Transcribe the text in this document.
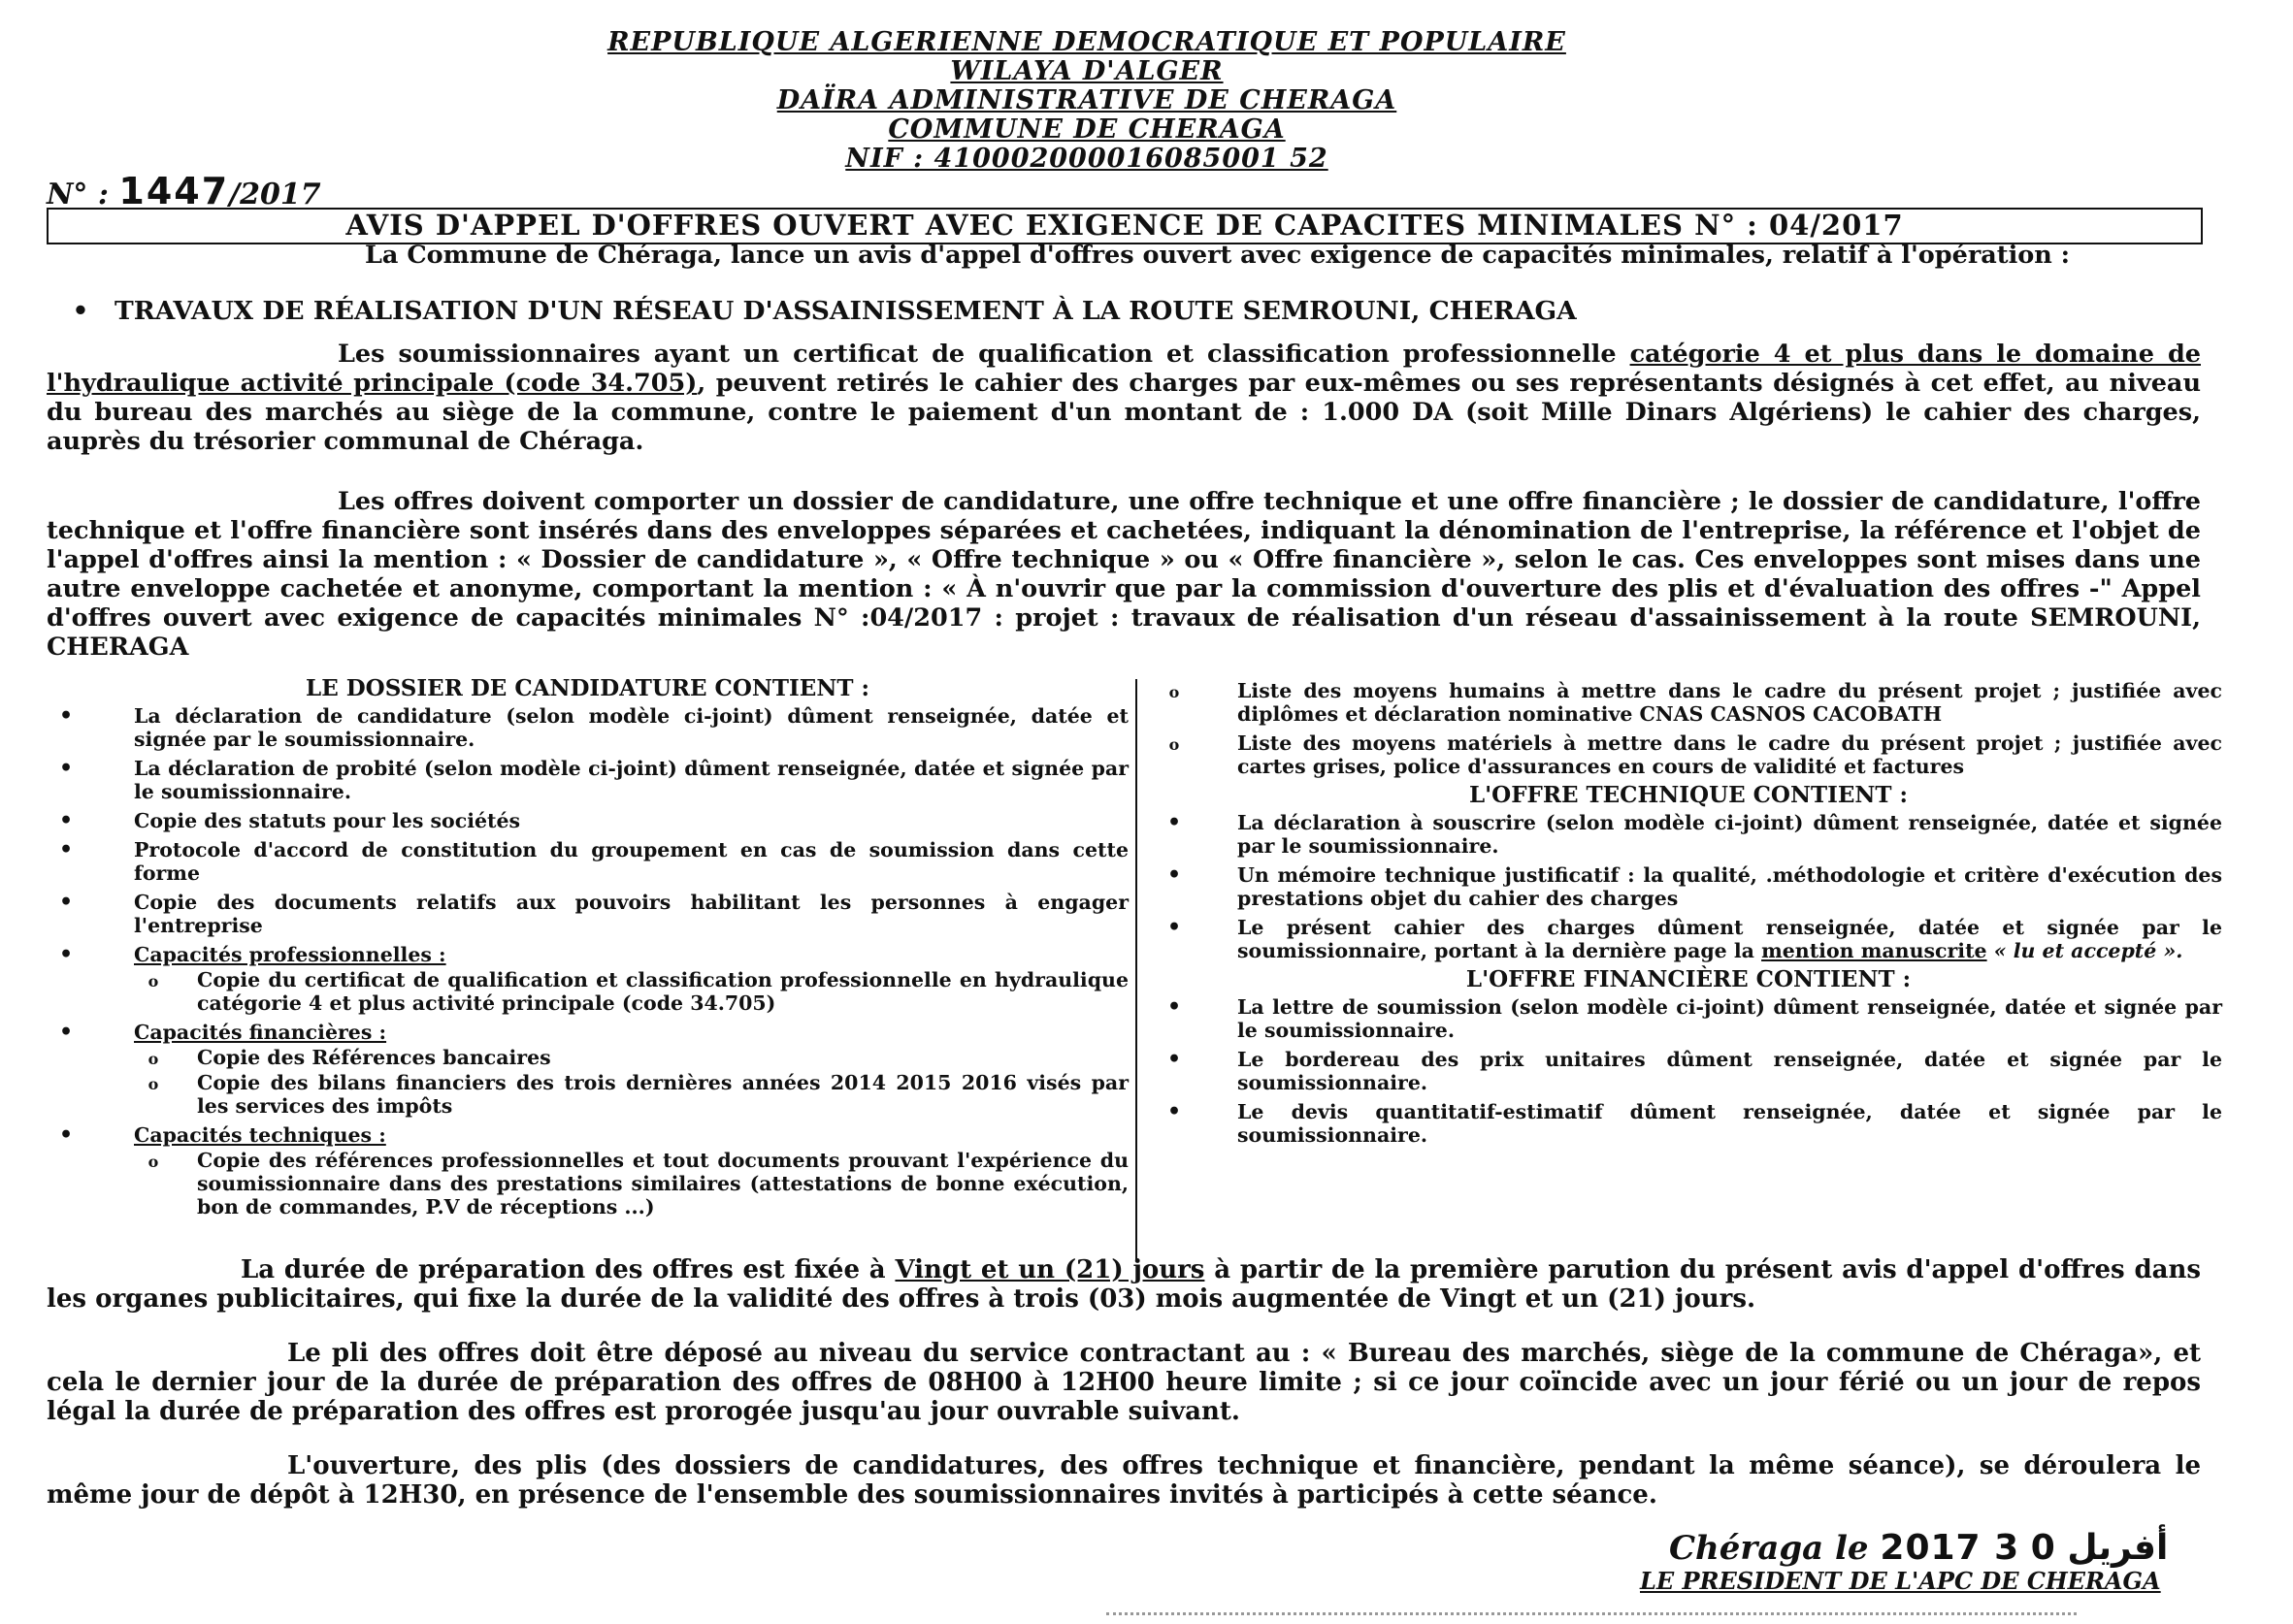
REPUBLIQUE ALGERIENNE DEMOCRATIQUE ET POPULAIRE
WILAYA D'ALGER
DAÏRA ADMINISTRATIVE DE CHERAGA
COMMUNE DE CHERAGA
NIF : 410002000016085001 52
N° : 1447/2017
AVIS D'APPEL D'OFFRES OUVERT AVEC EXIGENCE DE CAPACITES MINIMALES N° : 04/2017
La Commune de Chéraga, lance un avis d'appel d'offres ouvert avec exigence de capacités minimales, relatif à l'opération :
• TRAVAUX DE RÉALISATION D'UN RÉSEAU D'ASSAINISSEMENT À LA ROUTE SEMROUNI, CHERAGA
Les soumissionnaires ayant un certificat de qualification et classification professionnelle catégorie 4 et plus dans le domaine de l'hydraulique activité principale (code 34.705), peuvent retirés le cahier des charges par eux-mêmes ou ses représentants désignés à cet effet, au niveau du bureau des marchés au siège de la commune, contre le paiement d'un montant de : 1.000 DA (soit Mille Dinars Algériens) le cahier des charges, auprès du trésorier communal de Chéraga.
Les offres doivent comporter un dossier de candidature, une offre technique et une offre financière ; le dossier de candidature, l'offre technique et l'offre financière sont insérés dans des enveloppes séparées et cachetées, indiquant la dénomination de l'entreprise, la référence et l'objet de l'appel d'offres ainsi la mention : « Dossier de candidature », « Offre technique » ou « Offre financière », selon le cas. Ces enveloppes sont mises dans une autre enveloppe cachetée et anonyme, comportant la mention : « À n'ouvrir que par la commission d'ouverture des plis et d'évaluation des offres -" Appel d'offres ouvert avec exigence de capacités minimales N° :04/2017 : projet : travaux de réalisation d'un réseau d'assainissement à la route SEMROUNI, CHERAGA
LE DOSSIER DE CANDIDATURE CONTIENT :
•	La déclaration de candidature (selon modèle ci-joint) dûment renseignée, datée et signée par le soumissionnaire.
•	La déclaration de probité (selon modèle ci-joint) dûment renseignée, datée et signée par le soumissionnaire.
•	Copie des statuts pour les sociétés
•	Protocole d'accord de constitution du groupement en cas de soumission dans cette forme
•	Copie des documents relatifs aux pouvoirs habilitant les personnes à engager l'entreprise
•	Capacités professionnelles :
o	Copie du certificat de qualification et classification professionnelle en hydraulique catégorie 4 et plus activité principale (code 34.705)
•	Capacités financières :
o	Copie des Références bancaires
o	Copie des bilans financiers des trois dernières années 2014 2015 2016 visés par les services des impôts
•	Capacités techniques :
o	Copie des références professionnelles et tout documents prouvant l'expérience du soumissionnaire dans des prestations similaires (attestations de bonne exécution, bon de commandes, P.V de réceptions ...)
o	Liste des moyens humains à mettre dans le cadre du présent projet ; justifiée avec diplômes et déclaration nominative CNAS CASNOS CACOBATH
o	Liste des moyens matériels à mettre dans le cadre du présent projet ; justifiée avec cartes grises, police d'assurances en cours de validité et factures
L'OFFRE TECHNIQUE CONTIENT :
•	La déclaration à souscrire (selon modèle ci-joint) dûment renseignée, datée et signée par le soumissionnaire.
•	Un mémoire technique justificatif : la qualité, .méthodologie et critère d'exécution des prestations objet du cahier des charges
•	Le présent cahier des charges dûment renseignée, datée et signée par le soumissionnaire, portant à la dernière page la mention manuscrite « lu et accepté ».
L'OFFRE FINANCIÈRE CONTIENT :
•	La lettre de soumission (selon modèle ci-joint) dûment renseignée, datée et signée par le soumissionnaire.
•	Le bordereau des prix unitaires dûment renseignée, datée et signée par le soumissionnaire.
•	Le devis quantitatif-estimatif dûment renseignée, datée et signée par le soumissionnaire.
La durée de préparation des offres est fixée à Vingt et un (21) jours à partir de la première parution du présent avis d'appel d'offres dans les organes publicitaires, qui fixe la durée de la validité des offres à trois (03) mois augmentée de Vingt et un (21) jours.
Le pli des offres doit être déposé au niveau du service contractant au : « Bureau des marchés, siège de la commune de Chéraga», et cela le dernier jour de la durée de préparation des offres de 08H00 à 12H00 heure limite ; si ce jour coïncide avec un jour férié ou un jour de repos légal la durée de préparation des offres est prorogée jusqu'au jour ouvrable suivant.
L'ouverture, des plis (des dossiers de candidatures, des offres technique et financière, pendant la même séance), se déroulera le même jour de dépôt à 12H30, en présence de l'ensemble des soumissionnaires invités à participés à cette séance.
Chéraga le 2017 أفريل 0 3
LE PRESIDENT DE L'APC DE CHERAGA
